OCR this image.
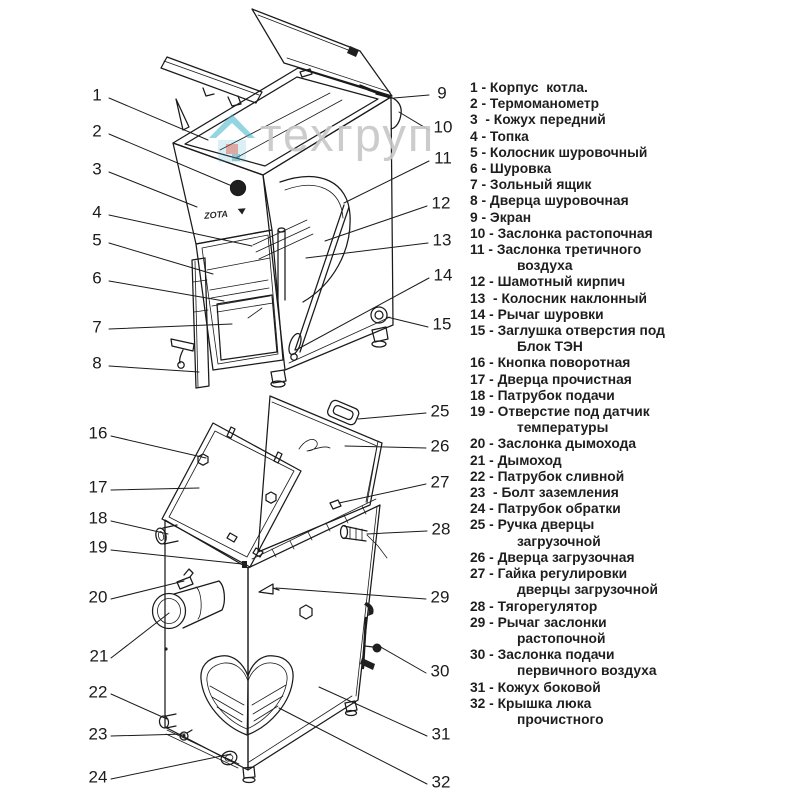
ZOTA
техгруп
1
2
3
4
5
6
7
8
9
10
11
12
13
14
15
16
17
18
19
20
21
22
23
24
25
26
27
28
29
30
31
32
1 - Корпус  котла.
2 - Термоманометр
3  - Кожух передний
4 - Топка
5 - Колосник шуровочный
6 - Шуровка
7 - Зольный ящик
8 - Дверца шуровочная
9 - Экран
10 - Заслонка растопочная
11 - Заслонка третичного
воздуха
12 - Шамотный кирпич
13  - Колосник наклонный
14 - Рычаг шуровки
15 - Заглушка отверстия под
Блок ТЭН
16 - Кнопка поворотная
17 - Дверца прочистная
18 - Патрубок подачи
19 - Отверстие под датчик
температуры
20 - Заслонка дымохода
21 - Дымоход
22 - Патрубок сливной
23  - Болт заземления
24 - Патрубок обратки
25 - Ручка дверцы
загрузочной
26 - Дверца загрузочная
27 - Гайка регулировки
дверцы загрузочной
28 - Тягорегулятор
29 - Рычаг заслонки
растопочной
30 - Заслонка подачи
первичного воздуха
31 - Кожух боковой
32 - Крышка люка
прочистного
